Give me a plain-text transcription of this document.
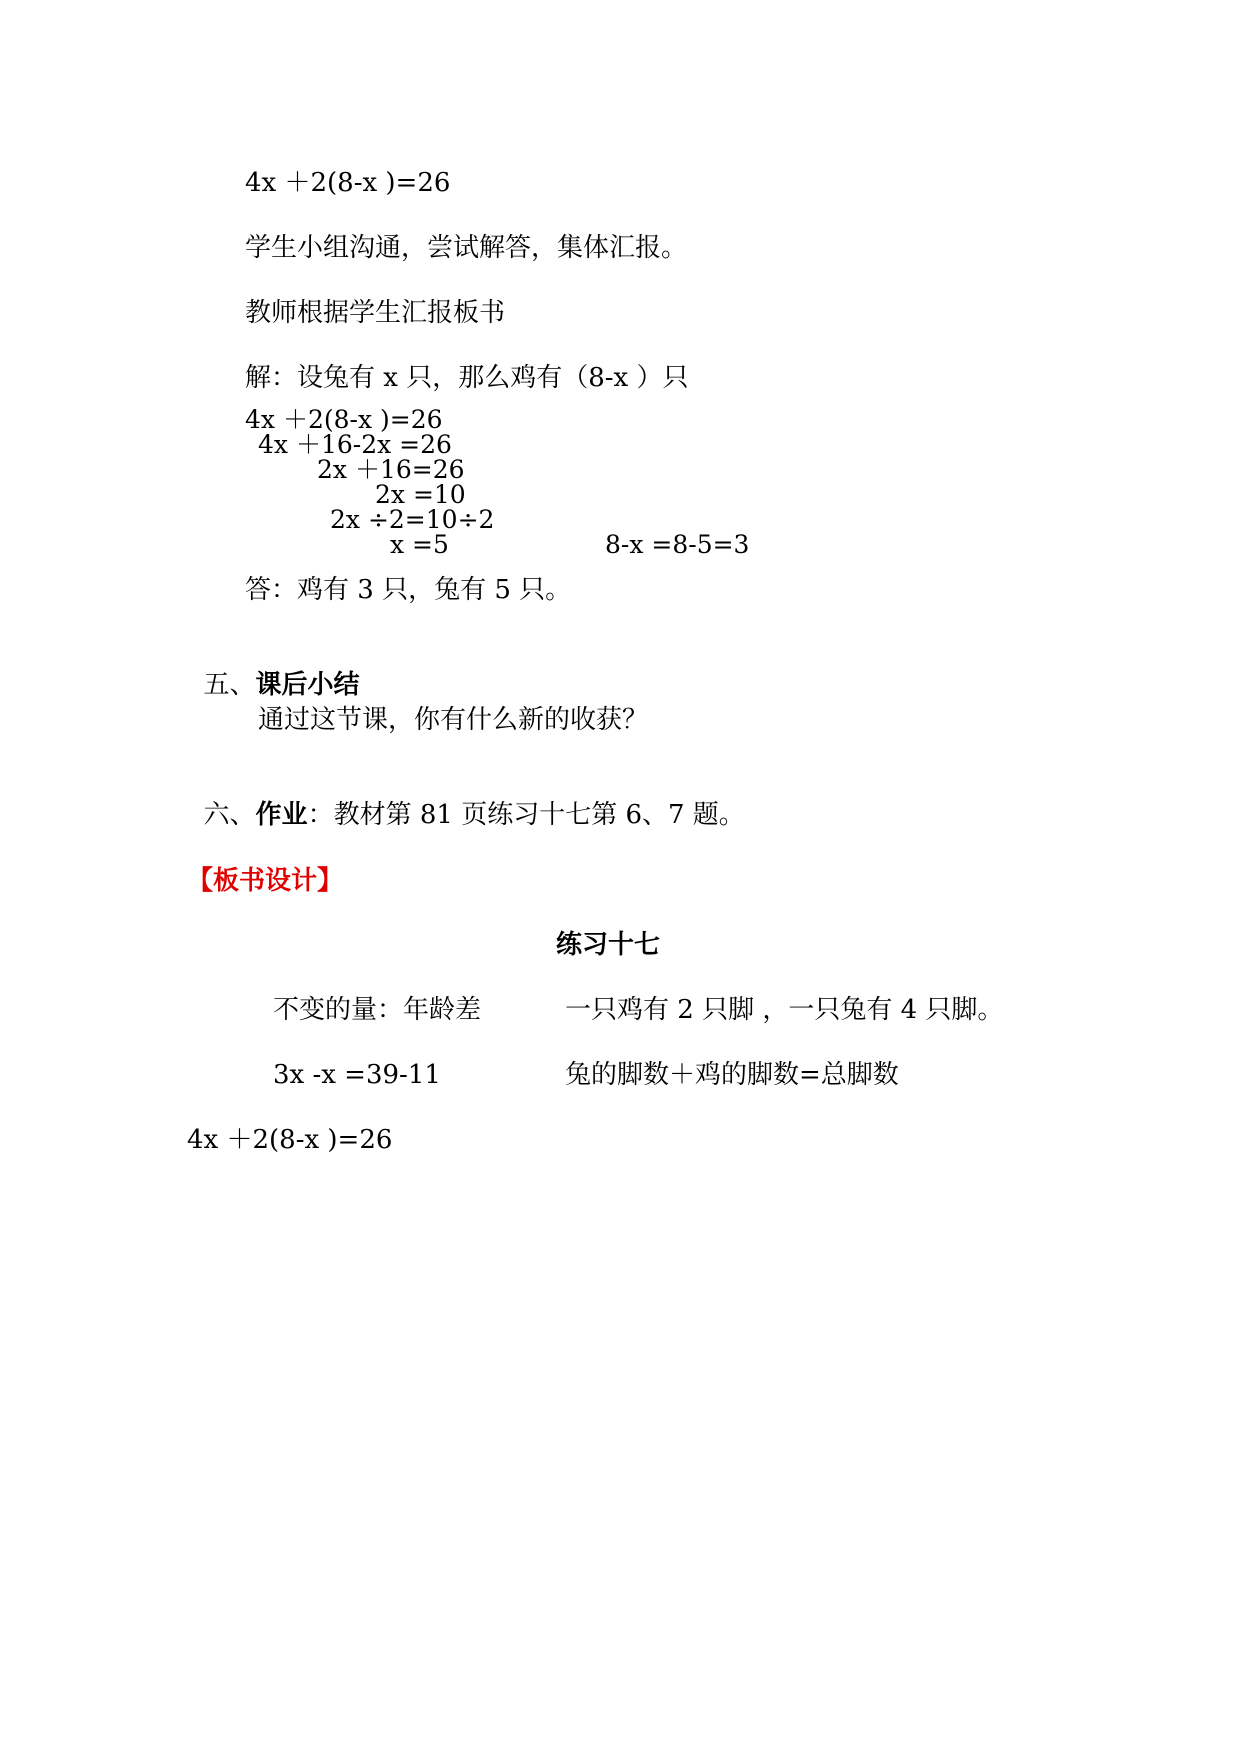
4x ＋2(8-x )=26
学生小组沟通，尝试解答，集体汇报。
教师根据学生汇报板书
解：设兔有 x 只，那么鸡有（8-x ）只
4x ＋2(8-x )=26
4x ＋16-2x =26
2x ＋16=26
2x =10
2x ÷2=10÷2
x =5	8-x =8-5=3
答：鸡有 3 只，兔有 5 只。

五、课后小结

通过这节课，你有什么新的收获？

六、作业：教材第 81 页练习十七第 6、7 题。

【板书设计】
练习十七
不变的量：年龄差	一只鸡有 2 只脚 ，一只兔有 4 只脚。
3x -x =39-11	兔的脚数＋鸡的脚数=总脚数
4x ＋2(8-x )=26
